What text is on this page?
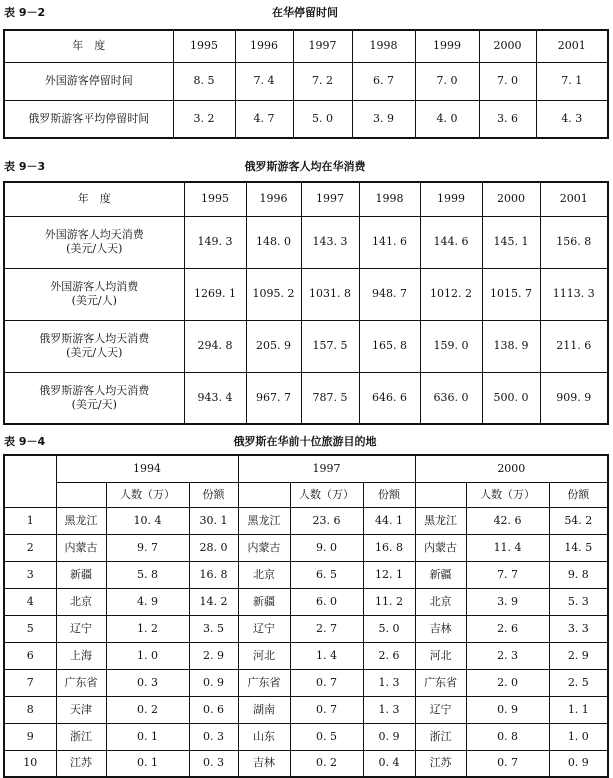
表 9－2	在华停留时间
年　度	1995	1996	1997	1998	1999	2000	2001
外国游客停留时间	8. 5	7. 4	7. 2	6. 7	7. 0	7. 0	7. 1
俄罗斯游客平均停留时间	3. 2	4. 7	5. 0	3. 9	4. 0	3. 6	4. 3
表 9－3	俄罗斯游客人均在华消费
年　度	1995	1996	1997	1998	1999	2000	2001

外国游客人均天消费
(美元/人天)	149. 3	148. 0	143. 3	141. 6	144. 6	145. 1	156. 8

外国游客人均消费
(美元/人)	1269. 1	1095. 2	1031. 8	948. 7	1012. 2	1015. 7	1113. 3

俄罗斯游客人均天消费
(美元/人天)	294. 8	205. 9	157. 5	165. 8	159. 0	138. 9	211. 6

俄罗斯游客人均天消费
(美元/天)	943. 4	967. 7	787. 5	646. 6	636. 0	500. 0	909. 9
表 9－4	俄罗斯在华前十位旅游目的地
	1994			1997			2000		
		人数（万）	份额		人数（万）	份额		人数（万）	份额
1	黑龙江	10. 4	30. 1	黑龙江	23. 6	44. 1	黑龙江	42. 6	54. 2
2	内蒙古	9. 7	28. 0	内蒙古	9. 0	16. 8	内蒙古	11. 4	14. 5
3	新疆	5. 8	16. 8	北京	6. 5	12. 1	新疆	7. 7	9. 8
4	北京	4. 9	14. 2	新疆	6. 0	11. 2	北京	3. 9	5. 3
5	辽宁	1. 2	3. 5	辽宁	2. 7	5. 0	吉林	2. 6	3. 3
6	上海	1. 0	2. 9	河北	1. 4	2. 6	河北	2. 3	2. 9
7	广东省	0. 3	0. 9	广东省	0. 7	1. 3	广东省	2. 0	2. 5
8	天津	0. 2	0. 6	湖南	0. 7	1. 3	辽宁	0. 9	1. 1
9	浙江	0. 1	0. 3	山东	0. 5	0. 9	浙江	0. 8	1. 0
10	江苏	0. 1	0. 3	吉林	0. 2	0. 4	江苏	0. 7	0. 9
